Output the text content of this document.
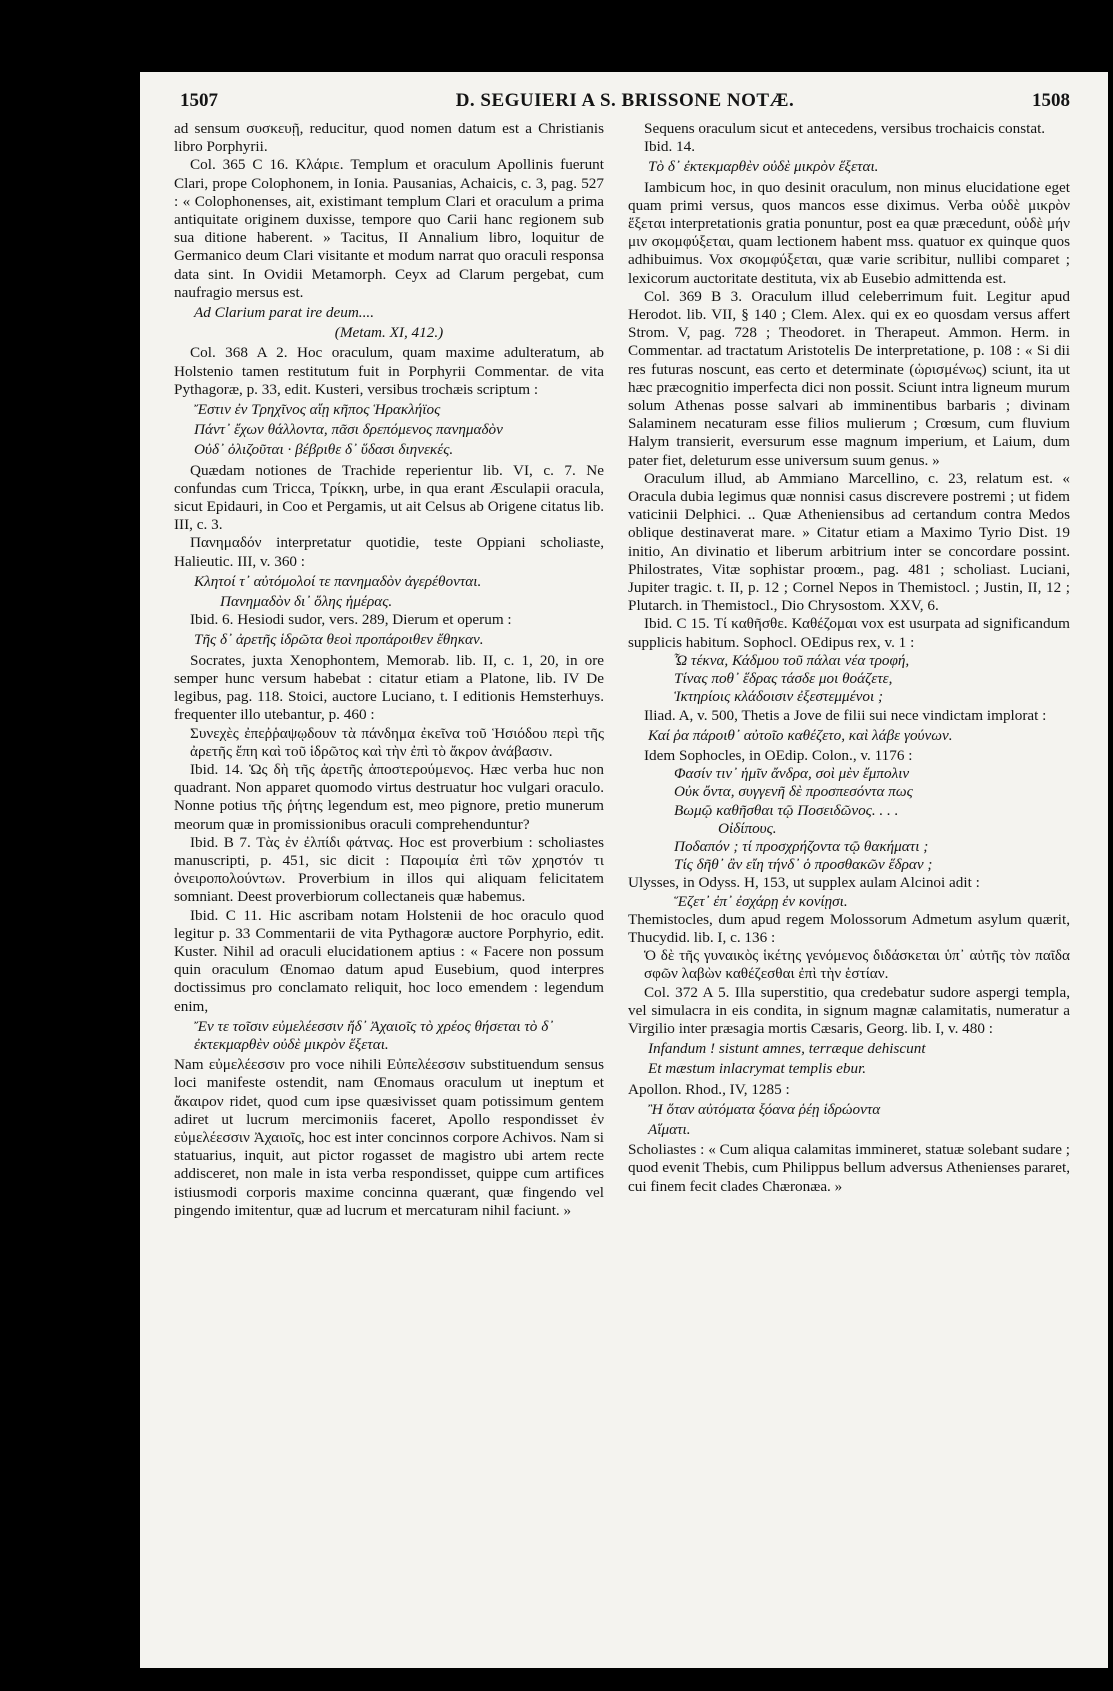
1507	D. SEGUIERI A S. BRISSONE NOTÆ.	1508

ad sensum συσκευῇ, reducitur, quod nomen datum est a Christianis libro Porphyrii.

Col. 365 C 16. Κλάριε. Templum et oraculum Apollinis fuerunt Clari, prope Colophonem, in Ionia. Pausanias, Achaicis, c. 3, pag. 527 : « Colophonenses, ait, existimant templum Clari et oraculum a prima antiquitate originem duxisse, tempore quo Carii hanc regionem sub sua ditione haberent. » Tacitus, II Annalium libro, loquitur de Germanico deum Clari visitante et modum narrat quo oraculi responsa data sint. In Ovidii Metamorph. Ceyx ad Clarum pergebat, cum naufragio mersus est.

Ad Clarium parat ire deum....
(Metam. XI, 412.)

Col. 368 A 2. Hoc oraculum, quam maxime adulteratum, ab Holstenio tamen restitutum fuit in Porphyrii Commentar. de vita Pythagoræ, p. 33, edit. Kusteri, versibus trochæis scriptum :

Ἔστιν ἐν Τρηχῖνος αἴῃ κῆπος Ἡρακλήϊος
Πάντ᾽ ἔχων θάλλοντα, πᾶσι δρεπόμενος πανημαδὸν
Οὐδ᾽ ὀλιζοῦται · βέβριθε δ᾽ ὕδασι διηνεκές.

Quædam notiones de Trachide reperientur lib. VI, c. 7. Ne confundas cum Tricca, Τρίκκη, urbe, in qua erant Æsculapii oracula, sicut Epidauri, in Coo et Pergamis, ut ait Celsus ab Origene citatus lib. III, c. 3.

Πανημαδόν interpretatur quotidie, teste Oppiani scholiaste, Halieutic. III, v. 360 :

Κλητοί τ᾽ αὐτόμολοί τε πανημαδὸν ἀγερέθονται.
Πανημαδὸν δι᾽ ὅλης ἡμέρας.

Ibid. 6. Hesiodi sudor, vers. 289, Dierum et operum :

Τῆς δ᾽ ἀρετῆς ἱδρῶτα θεοὶ προπάροιθεν ἔθηκαν.

Socrates, juxta Xenophontem, Memorab. lib. II, c. 1, 20, in ore semper hunc versum habebat : citatur etiam a Platone, lib. IV De legibus, pag. 118. Stoici, auctore Luciano, t. I editionis Hemsterhuys. frequenter illo utebantur, p. 460 :

Συνεχὲς ἐπεῤῥαψῳδουν τὰ πάνδημα ἐκεῖνα τοῦ Ἡσιόδου περὶ τῆς ἀρετῆς ἔπη καὶ τοῦ ἱδρῶτος καὶ τὴν ἐπὶ τὸ ἄκρον ἀνάβασιν.

Ibid. 14. Ὡς δὴ τῆς ἀρετῆς ἀποστερούμενος. Hæc verba huc non quadrant. Non apparet quomodo virtus destruatur hoc vulgari oraculo. Nonne potius τῆς ῥήτης legendum est, meo pignore, pretio munerum meorum quæ in promissionibus oraculi comprehenduntur?

Ibid. B 7. Τὰς ἐν ἐλπίδι φάτνας. Hoc est proverbium : scholiastes manuscripti, p. 451, sic dicit : Παροιμία ἐπὶ τῶν χρηστόν τι ὀνειροπολούντων. Proverbium in illos qui aliquam felicitatem somniant. Deest proverbiorum collectaneis quæ habemus.

Ibid. C 11. Hic ascribam notam Holstenii de hoc oraculo quod legitur p. 33 Commentarii de vita Pythagoræ auctore Porphyrio, edit. Kuster. Nihil ad oraculi elucidationem aptius : « Facere non possum quin oraculum Œnomao datum apud Eusebium, quod interpres doctissimus pro conclamato reliquit, hoc loco emendem : legendum enim,

Ἔν τε τοῖσιν εὐμελέεσσιν ἤδ᾽ Ἀχαιοῖς τὸ χρέος θήσεται τὸ δ᾽ ἐκτεκμαρθὲν οὐδὲ μικρὸν ἕξεται.

Nam εὐμελέεσσιν pro voce nihili Εὐπελέεσσιν substituendum sensus loci manifeste ostendit, nam Œnomaus oraculum ut ineptum et ἄκαιρον ridet, quod cum ipse quæsivisset quam potissimum gentem adiret ut lucrum mercimoniis faceret, Apollo respondisset ἐν εὐμελέεσσιν Ἀχαιοῖς, hoc est inter concinnos corpore Achivos. Nam si statuarius, inquit, aut pictor rogasset de magistro ubi artem recte addisceret, non male in ista verba respondisset, quippe cum artifices istiusmodi corporis maxime concinna quærant, quæ fingendo vel pingendo imitentur, quæ ad lucrum et mercaturam nihil faciunt. »

Sequens oraculum sicut et antecedens, versibus trochaicis constat.

Ibid. 14.

Τὸ δ᾽ ἐκτεκμαρθὲν οὐδὲ μικρὸν ἕξεται.

Iambicum hoc, in quo desinit oraculum, non minus elucidatione eget quam primi versus, quos mancos esse diximus. Verba οὐδὲ μικρὸν ἕξεται interpretationis gratia ponuntur, post ea quæ præcedunt, οὐδὲ μήν μιν σκομφύξεται, quam lectionem habent mss. quatuor ex quinque quos adhibuimus. Vox σκομφύξεται, quæ varie scribitur, nullibi comparet ; lexicorum auctoritate destituta, vix ab Eusebio admittenda est.

Col. 369 B 3. Oraculum illud celeberrimum fuit. Legitur apud Herodot. lib. VII, § 140 ; Clem. Alex. qui ex eo quosdam versus affert Strom. V, pag. 728 ; Theodoret. in Therapeut. Ammon. Herm. in Commentar. ad tractatum Aristotelis De interpretatione, p. 108 : « Si dii res futuras noscunt, eas certo et determinate (ὡρισμένως) sciunt, ita ut hæc præcognitio imperfecta dici non possit. Sciunt intra ligneum murum solum Athenas posse salvari ab imminentibus barbaris ; divinam Salaminem necaturam esse filios mulierum ; Crœsum, cum fluvium Halym transierit, eversurum esse magnum imperium, et Laium, dum pater fiet, deleturum esse universum suum genus. »

Oraculum illud, ab Ammiano Marcellino, c. 23, relatum est. « Oracula dubia legimus quæ nonnisi casus discrevere postremi ; ut fidem vaticinii Delphici. .. Quæ Atheniensibus ad certandum contra Medos oblique destinaverat mare. » Citatur etiam a Maximo Tyrio Dist. 19 initio, An divinatio et liberum arbitrium inter se concordare possint. Philostrates, Vitæ sophistar proœm., pag. 481 ; scholiast. Luciani, Jupiter tragic. t. II, p. 12 ; Cornel Nepos in Themistocl. ; Justin, II, 12 ; Plutarch. in Themistocl., Dio Chrysostom. XXV, 6.

Ibid. C 15. Τί καθῆσθε. Καθέζομαι vox est usurpata ad significandum supplicis habitum. Sophocl. OEdipus rex, v. 1 :

Ὦ τέκνα, Κάδμου τοῦ πάλαι νέα τροφή,
Τίνας ποθ᾽ ἕδρας τάσδε μοι θοάζετε,
Ἱκτηρίοις κλάδοισιν ἐξεστεμμένοι ;

Iliad. A, v. 500, Thetis a Jove de filii sui nece vindictam implorat :

Καί ῥα πάροιθ᾽ αὐτοῖο καθέζετο, καὶ λάβε γούνων.

Idem Sophocles, in OEdip. Colon., v. 1176 :

Φασίν τιν᾽ ἡμῖν ἄνδρα, σοὶ μὲν ἔμπολιν
Οὐκ ὄντα, συγγενῆ δὲ προσπεσόντα πως
Βωμῷ καθῆσθαι τῷ Ποσειδῶνος. . . .
Οἰδίπους.
Ποδαπόν ; τί προσχρήζοντα τῷ θακήματι ;
Τίς δῆθ᾽ ἂν εἴη τήνδ᾽ ὁ προσθακῶν ἕδραν ;

Ulysses, in Odyss. H, 153, ut supplex aulam Alcinoi adit :

Ἕζετ᾽ ἐπ᾽ ἐσχάρῃ ἐν κονίῃσι.

Themistocles, dum apud regem Molossorum Admetum asylum quærit, Thucydid. lib. I, c. 136 :

Ὁ δὲ τῆς γυναικὸς ἱκέτης γενόμενος διδάσκεται ὑπ᾽ αὐτῆς τὸν παῖδα σφῶν λαβὼν καθέζεσθαι ἐπὶ τὴν ἑστίαν.

Col. 372 A 5. Illa superstitio, qua credebatur sudore aspergi templa, vel simulacra in eis condita, in signum magnæ calamitatis, numeratur a Virgilio inter præsagia mortis Cæsaris, Georg. lib. I, v. 480 :

Infandum ! sistunt amnes, terræque dehiscunt
Et mæstum inlacrymat templis ebur.

Apollon. Rhod., IV, 1285 :

Ἢ ὅταν αὐτόματα ξόανα ῥέῃ ἱδρώοντα
Αἵματι.

Scholiastes : « Cum aliqua calamitas immineret, statuæ solebant sudare ; quod evenit Thebis, cum Philippus bellum adversus Athenienses pararet, cui finem fecit clades Chæronæa. »
